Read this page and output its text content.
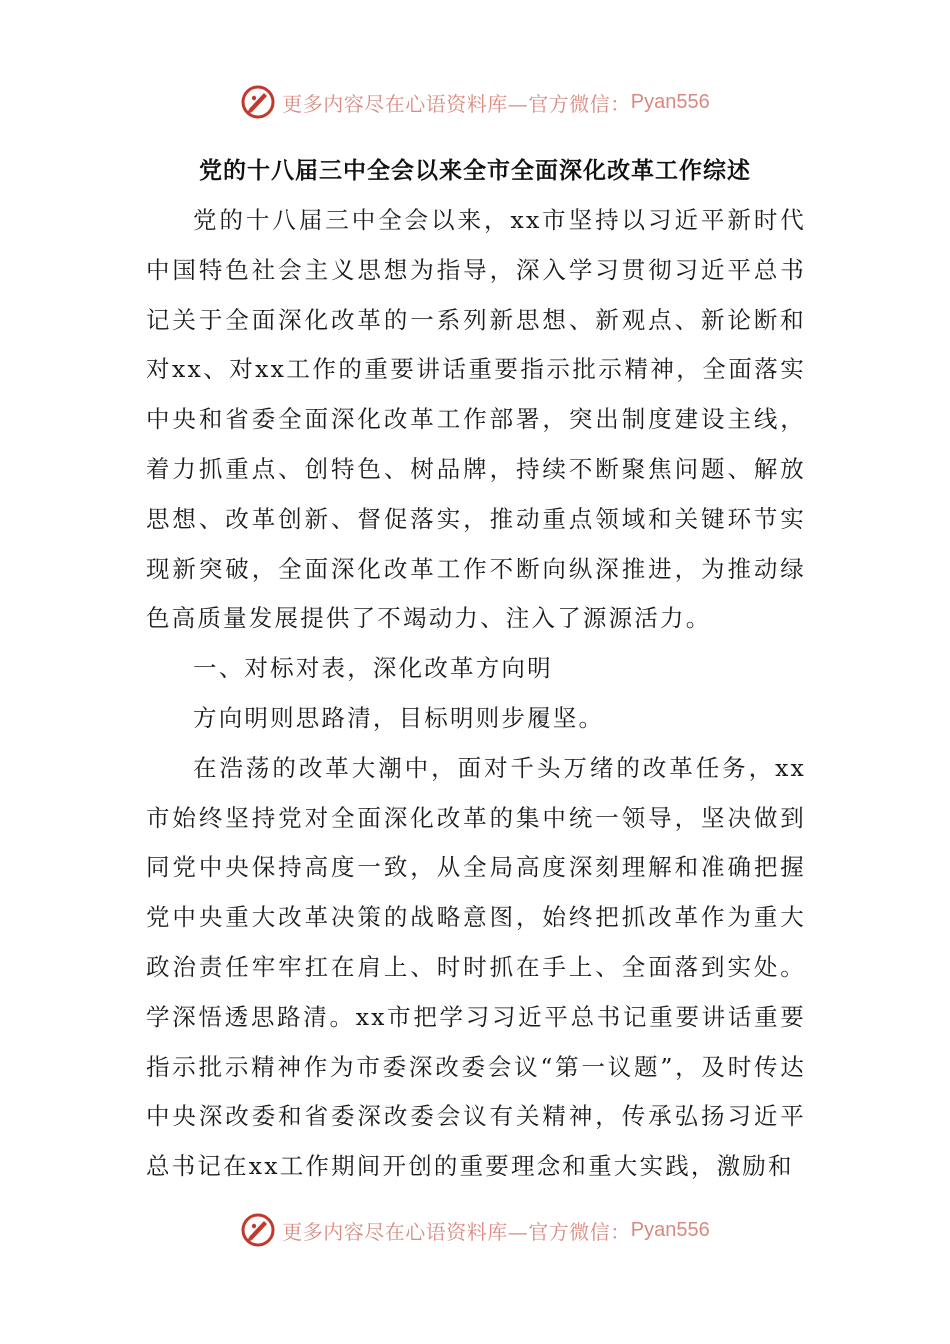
更多内容尽在心语资料库—官方微信： Pyan556
党的十八届三中全会以来全市全面深化改革工作综述

党的十八届三中全会以来，xx市坚持以习近平新时代中国特色社会主义思想为指导，深入学习贯彻习近平总书记关于全面深化改革的一系列新思想、新观点、新论断和对xx、对xx工作的重要讲话重要指示批示精神，全面落实中央和省委全面深化改革工作部署，突出制度建设主线，着力抓重点、创特色、树品牌，持续不断聚焦问题、解放思想、改革创新、督促落实，推动重点领域和关键环节实现新突破，全面深化改革工作不断向纵深推进，为推动绿色高质量发展提供了不竭动力、注入了源源活力。

一、对标对表，深化改革方向明

方向明则思路清，目标明则步履坚。

在浩荡的改革大潮中，面对千头万绪的改革任务，xx市始终坚持党对全面深化改革的集中统一领导，坚决做到同党中央保持高度一致，从全局高度深刻理解和准确把握党中央重大改革决策的战略意图，始终把抓改革作为重大政治责任牢牢扛在肩上、时时抓在手上、全面落到实处。学深悟透思路清。xx市把学习习近平总书记重要讲话重要指示批示精神作为市委深改委会议“第一议题”，及时传达中央深改委和省委深改委会议有关精神，传承弘扬习近平总书记在xx工作期间开创的重要理念和重大实践，激励和

更多内容尽在心语资料库—官方微信： Pyan556
